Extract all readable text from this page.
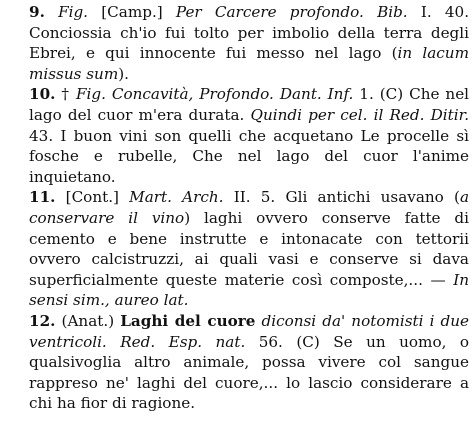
9. Fig. [Camp.] Per Carcere profondo. Bib. I. 40. Conciossia ch'io fui tolto per imbolio della terra degli Ebrei, e qui innocente fui messo nel lago (in lacum missus sum).

10. † Fig. Concavità, Profondo. Dant. Inf. 1. (C) Che nel lago del cuor m'era durata. Quindi per cel. il Red. Ditir. 43. I buon vini son quelli che acquetano Le procelle sì fosche e rubelle, Che nel lago del cuor l'anime inquietano.

11. [Cont.] Mart. Arch. II. 5. Gli antichi usavano (a conservare il vino) laghi ovvero conserve fatte di cemento e bene instrutte e intonacate con tettorii ovvero calcistruzzi, ai quali vasi e conserve si dava superficialmente queste materie così composte,... — In sensi sim., aureo lat.

12. (Anat.) Laghi del cuore diconsi da' notomisti i due ventricoli. Red. Esp. nat. 56. (C) Se un uomo, o qualsivoglia altro animale, possa vivere col sangue rappreso ne' laghi del cuore,... lo lascio considerare a chi ha fior di ragione.
